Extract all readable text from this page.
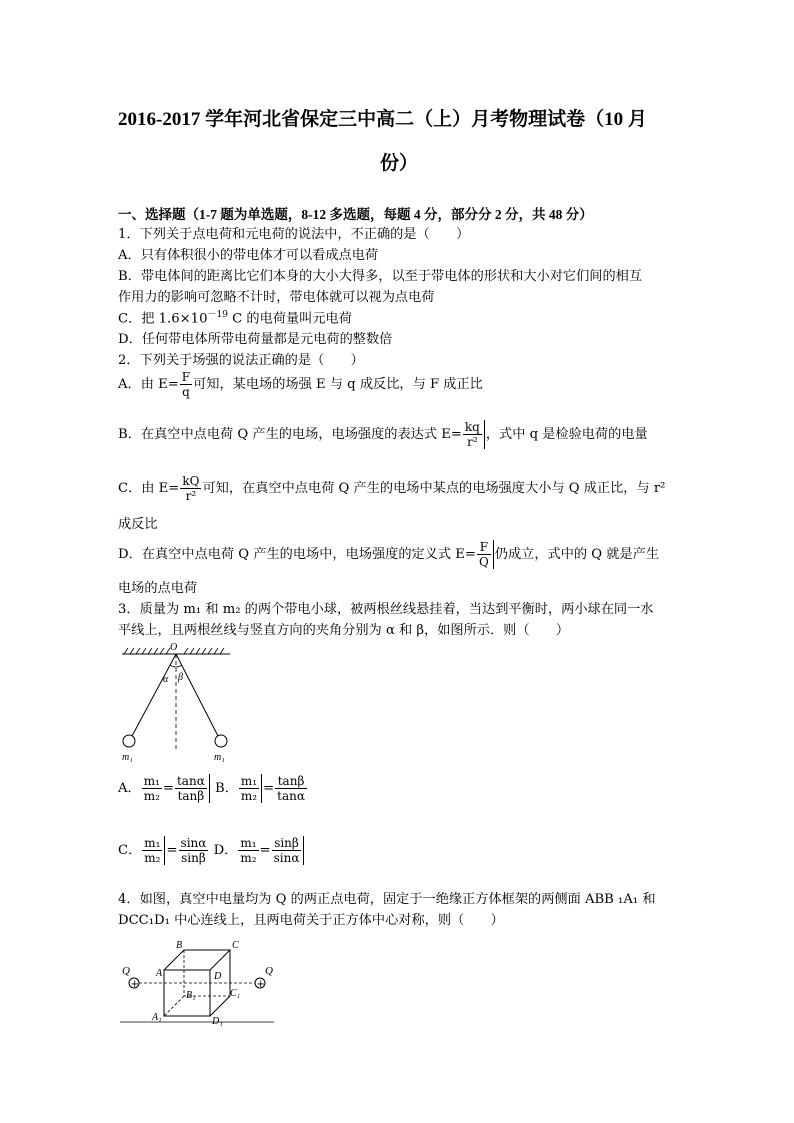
2016-2017 学年河北省保定三中高二（上）月考物理试卷（10 月
份）
一、选择题（1-7 题为单选题，8-12 多选题，每题 4 分，部分分 2 分，共 48 分）
1．下列关于点电荷和元电荷的说法中，不正确的是（　　）
A．只有体积很小的带电体才可以看成点电荷
B．带电体间的距离比它们本身的大小大得多，以至于带电体的形状和大小对它们间的相互
作用力的影响可忽略不计时，带电体就可以视为点电荷
C．把 $1.6\times 10^{-19}$ C 的电荷量叫元电荷
D．任何带电体所带电荷量都是元电荷的整数倍
2．下列关于场强的说法正确的是（　　）
A．由 $E= \frac{F}{q}$ 可知，某电场的场强 E 与 q 成反比，与 F 成正比
B．在真空中点电荷 Q 产生的电场，电场强度的表达式 $E= \frac{kq}{\text{r²}}$ ，式中 q 是检验电荷的电量
C．由 $E= \frac{kQ}{\text{r²}}$ 可知，在真空中点电荷 Q 产生的电场中某点的电场强度大小与 Q 成正比，与 r²
成反比
D．在真空中点电荷 Q 产生的电场中，电场强度的定义式 $E= \frac{F}{Q}$ 仍成立，式中的 Q 就是产生
电场的点电荷
3．质量为 m₁ 和 m₂ 的两个带电小球，被两根丝线悬挂着，当达到平衡时，两小球在同一水
平线上，且两根丝线与竖直方向的夹角分别为 α 和 β，如图所示．则（　　）
O
α β
m₁	m₁
A． $\frac{\text{m₁}}{\text{m₂}} = \frac{\tan\alpha}{\tan\beta}$ B． $\frac{\text{m₁}}{\text{m₂}} = \frac{\tan\beta}{\tan\alpha}$
C． $\frac{\text{m₁}}{\text{m₂}} = \frac{\sin\alpha}{\sin\beta}$ D． $\frac{\text{m₁}}{\text{m₂}} = \frac{\sin\beta}{\sin\alpha}$
4．如图，真空中电量均为 Q 的两正点电荷，固定于一绝缘正方体框架的两侧面 ABB ₁A₁ 和
DCC₁D₁ 中心连线上，且两电荷关于正方体中心对称，则（　　）
+	+
Q	Q
A
B	C
D
A₁
B₁	C₁
D₁
